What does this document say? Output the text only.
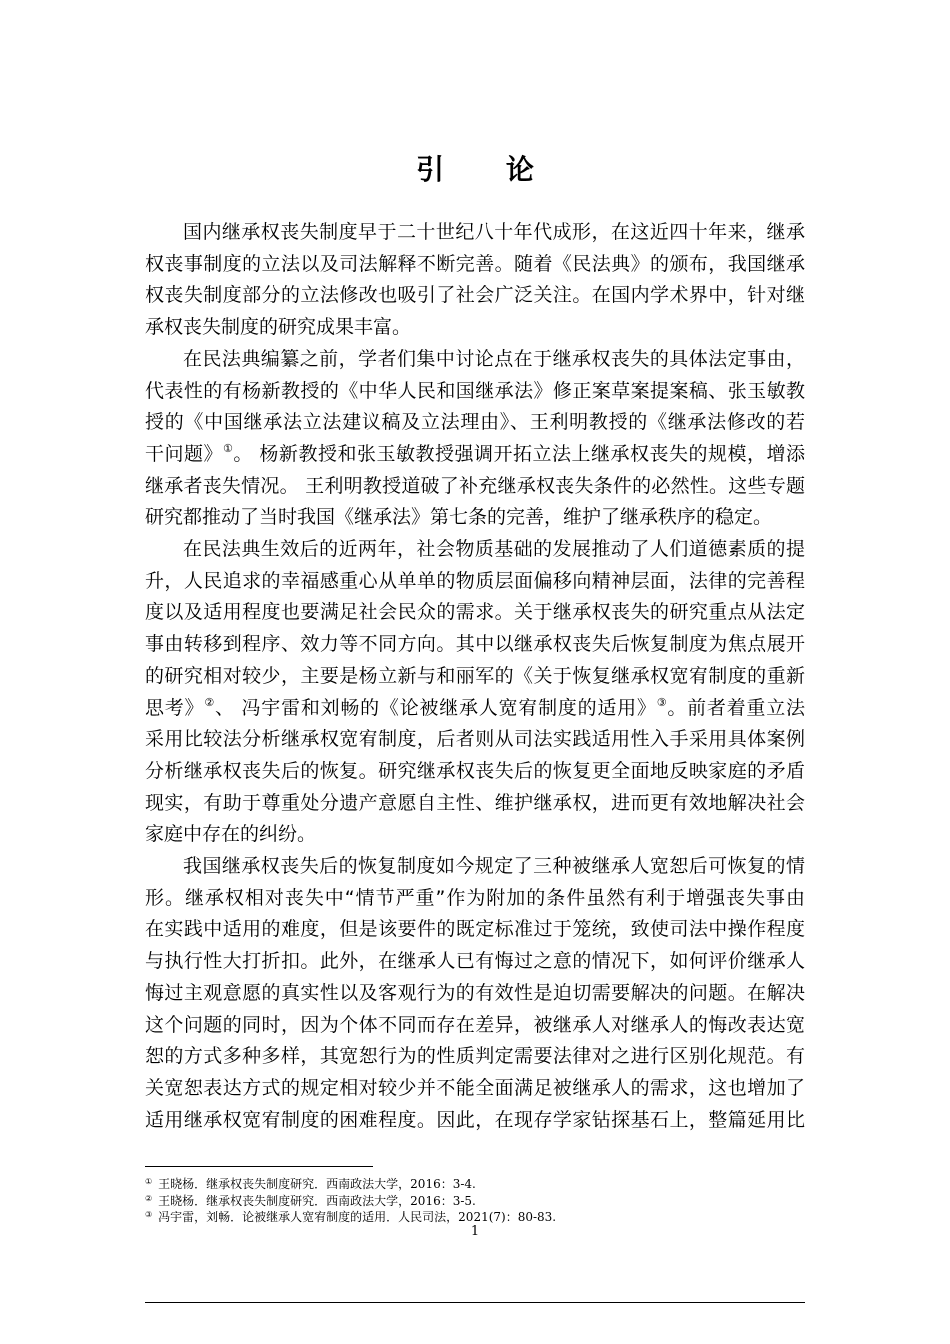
引 论
国内继承权丧失制度早于二十世纪八十年代成形，在这近四十年来，继承
权丧事制度的立法以及司法解释不断完善。随着《民法典》的颁布，我国继承
权丧失制度部分的立法修改也吸引了社会广泛关注。在国内学术界中，针对继
承权丧失制度的研究成果丰富。
在民法典编纂之前，学者们集中讨论点在于继承权丧失的具体法定事由，
代表性的有杨新教授的《中华人民和国继承法》修正案草案提案稿、张玉敏教
授的《中国继承法立法建议稿及立法理由》、王利明教授的《继承法修改的若
干问题》①。 杨新教授和张玉敏教授强调开拓立法上继承权丧失的规模，增添
继承者丧失情况。 王利明教授道破了补充继承权丧失条件的必然性。这些专题
研究都推动了当时我国《继承法》第七条的完善，维护了继承秩序的稳定。
在民法典生效后的近两年，社会物质基础的发展推动了人们道德素质的提
升，人民追求的幸福感重心从单单的物质层面偏移向精神层面，法律的完善程
度以及适用程度也要满足社会民众的需求。关于继承权丧失的研究重点从法定
事由转移到程序、效力等不同方向。其中以继承权丧失后恢复制度为焦点展开
的研究相对较少，主要是杨立新与和丽军的《关于恢复继承权宽宥制度的重新
思考》②、 冯宇雷和刘畅的《论被继承人宽宥制度的适用》③。前者着重立法
采用比较法分析继承权宽宥制度，后者则从司法实践适用性入手采用具体案例
分析继承权丧失后的恢复。研究继承权丧失后的恢复更全面地反映家庭的矛盾
现实，有助于尊重处分遗产意愿自主性、维护继承权，进而更有效地解决社会
家庭中存在的纠纷。
我国继承权丧失后的恢复制度如今规定了三种被继承人宽恕后可恢复的情
形。继承权相对丧失中“情节严重”作为附加的条件虽然有利于增强丧失事由
在实践中适用的难度，但是该要件的既定标准过于笼统，致使司法中操作程度
与执行性大打折扣。此外，在继承人已有悔过之意的情况下，如何评价继承人
悔过主观意愿的真实性以及客观行为的有效性是迫切需要解决的问题。在解决
这个问题的同时，因为个体不同而存在差异，被继承人对继承人的悔改表达宽
恕的方式多种多样，其宽恕行为的性质判定需要法律对之进行区别化规范。有
关宽恕表达方式的规定相对较少并不能全面满足被继承人的需求，这也增加了
适用继承权宽宥制度的困难程度。因此，在现存学家钻探基石上，整篇延用比
① 王晓杨．继承权丧失制度研究．西南政法大学，2016：3-4.
② 王晓杨．继承权丧失制度研究．西南政法大学，2016：3-5.
③ 冯宇雷，刘畅．论被继承人宽宥制度的适用．人民司法，2021(7)：80-83.
1
